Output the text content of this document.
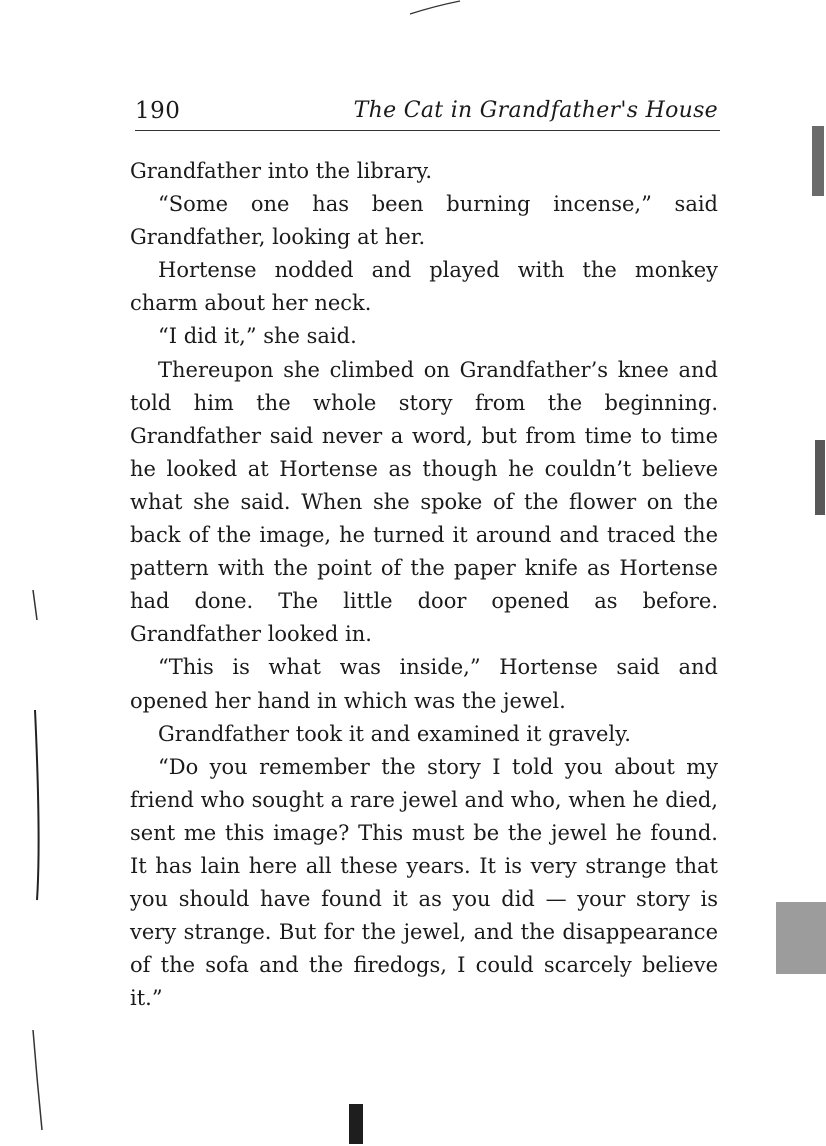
190	The Cat in Grandfather's House

Grandfather into the library.

“Some one has been burning incense,” said Grandfather, looking at her.

Hortense nodded and played with the monkey charm about her neck.

“I did it,” she said.

Thereupon she climbed on Grandfather’s knee and told him the whole story from the beginning. Grandfather said never a word, but from time to time he looked at Hortense as though he couldn’t believe what she said. When she spoke of the flower on the back of the image, he turned it around and traced the pattern with the point of the paper knife as Hortense had done. The little door opened as before. Grandfather looked in.

“This is what was inside,” Hortense said and opened her hand in which was the jewel.

Grandfather took it and examined it gravely.

“Do you remember the story I told you about my friend who sought a rare jewel and who, when he died, sent me this image? This must be the jewel he found. It has lain here all these years. It is very strange that you should have found it as you did — your story is very strange. But for the jewel, and the disappearance of the sofa and the firedogs, I could scarcely believe it.”
